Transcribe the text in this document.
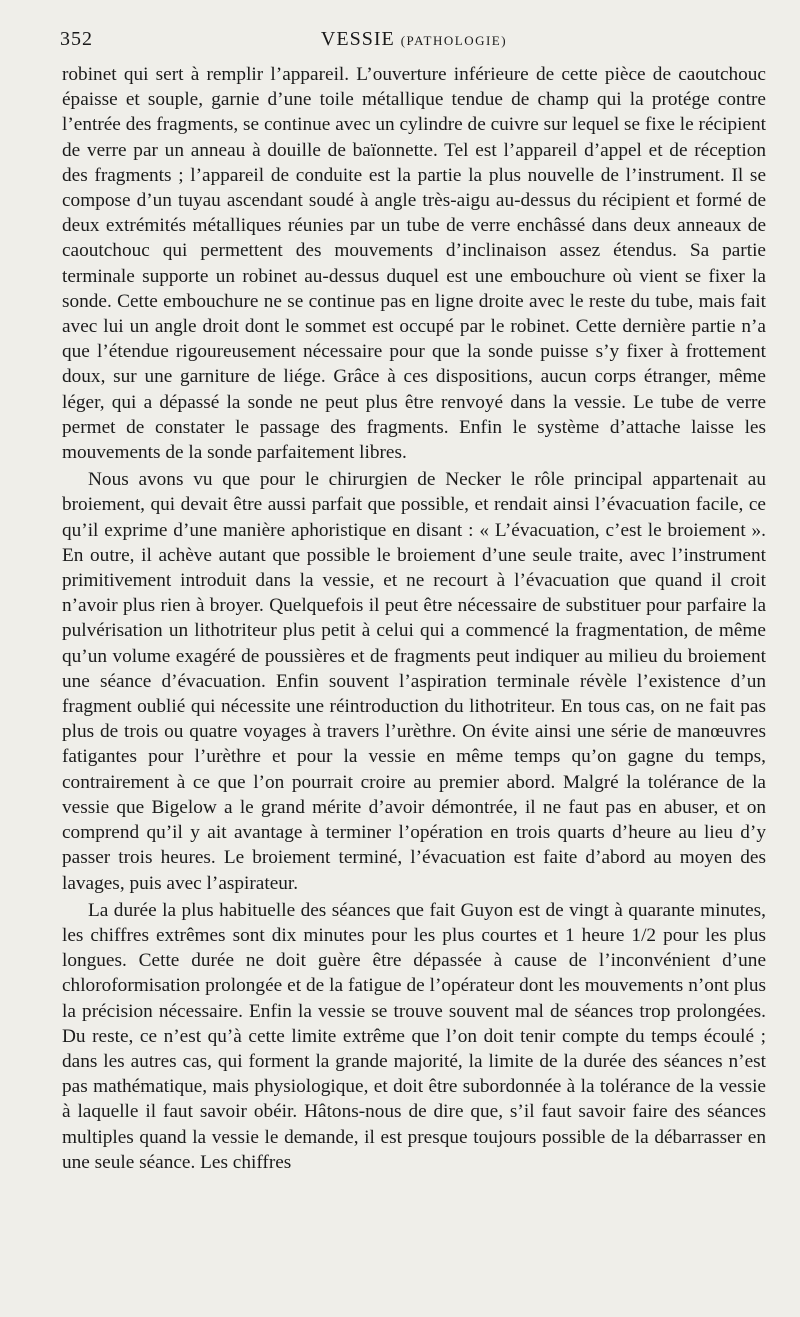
352	VESSIE (PATHOLOGIE)

robinet qui sert à remplir l’appareil. L’ouverture inférieure de cette pièce de caoutchouc épaisse et souple, garnie d’une toile métallique tendue de champ qui la protége contre l’entrée des fragments, se continue avec un cylindre de cuivre sur lequel se fixe le récipient de verre par un anneau à douille de baïonnette. Tel est l’appareil d’appel et de réception des fragments ; l’appareil de conduite est la partie la plus nouvelle de l’instrument. Il se compose d’un tuyau ascendant soudé à angle très-aigu au-dessus du récipient et formé de deux extrémités métalliques réunies par un tube de verre enchâssé dans deux anneaux de caoutchouc qui permettent des mouvements d’inclinaison assez étendus. Sa partie terminale supporte un robinet au-dessus duquel est une embouchure où vient se fixer la sonde. Cette embouchure ne se continue pas en ligne droite avec le reste du tube, mais fait avec lui un angle droit dont le sommet est occupé par le robinet. Cette dernière partie n’a que l’étendue rigoureusement nécessaire pour que la sonde puisse s’y fixer à frottement doux, sur une garniture de liége. Grâce à ces dispositions, aucun corps étranger, même léger, qui a dépassé la sonde ne peut plus être renvoyé dans la vessie. Le tube de verre permet de constater le passage des fragments. Enfin le système d’attache laisse les mouvements de la sonde parfaitement libres.

Nous avons vu que pour le chirurgien de Necker le rôle principal appartenait au broiement, qui devait être aussi parfait que possible, et rendait ainsi l’évacuation facile, ce qu’il exprime d’une manière aphoristique en disant : « L’évacuation, c’est le broiement ». En outre, il achève autant que possible le broiement d’une seule traite, avec l’instrument primitivement introduit dans la vessie, et ne recourt à l’évacuation que quand il croit n’avoir plus rien à broyer. Quelquefois il peut être nécessaire de substituer pour parfaire la pulvérisation un lithotriteur plus petit à celui qui a commencé la fragmentation, de même qu’un volume exagéré de poussières et de fragments peut indiquer au milieu du broiement une séance d’évacuation. Enfin souvent l’aspiration terminale révèle l’existence d’un fragment oublié qui nécessite une réintroduction du lithotriteur. En tous cas, on ne fait pas plus de trois ou quatre voyages à travers l’urèthre. On évite ainsi une série de manœuvres fatigantes pour l’urèthre et pour la vessie en même temps qu’on gagne du temps, contrairement à ce que l’on pourrait croire au premier abord. Malgré la tolérance de la vessie que Bigelow a le grand mérite d’avoir démontrée, il ne faut pas en abuser, et on comprend qu’il y ait avantage à terminer l’opération en trois quarts d’heure au lieu d’y passer trois heures. Le broiement terminé, l’évacuation est faite d’abord au moyen des lavages, puis avec l’aspirateur.

La durée la plus habituelle des séances que fait Guyon est de vingt à quarante minutes, les chiffres extrêmes sont dix minutes pour les plus courtes et 1 heure 1/2 pour les plus longues. Cette durée ne doit guère être dépassée à cause de l’inconvénient d’une chloroformisation prolongée et de la fatigue de l’opérateur dont les mouvements n’ont plus la précision nécessaire. Enfin la vessie se trouve souvent mal de séances trop prolongées. Du reste, ce n’est qu’à cette limite extrême que l’on doit tenir compte du temps écoulé ; dans les autres cas, qui forment la grande majorité, la limite de la durée des séances n’est pas mathématique, mais physiologique, et doit être subordonnée à la tolérance de la vessie à laquelle il faut savoir obéir. Hâtons-nous de dire que, s’il faut savoir faire des séances multiples quand la vessie le demande, il est presque toujours possible de la débarrasser en une seule séance. Les chiffres
